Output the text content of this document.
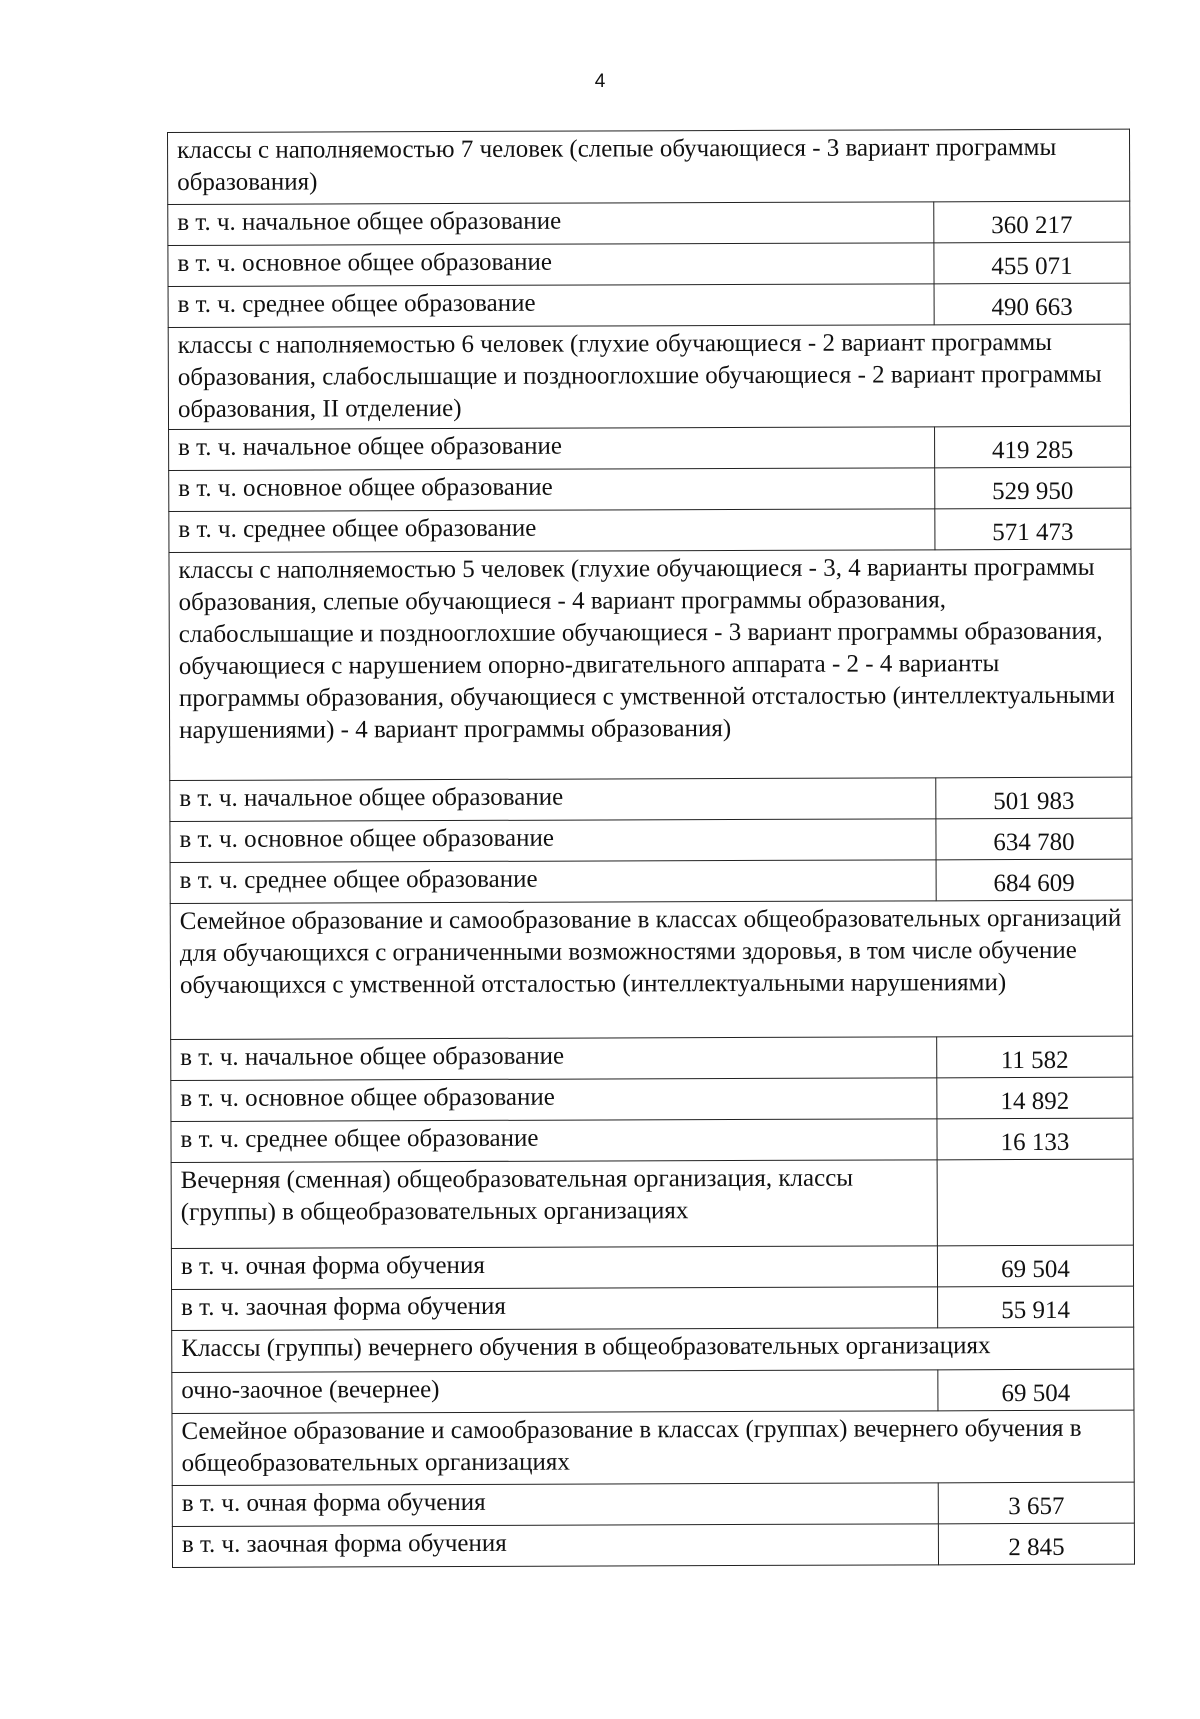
4
классы с наполняемостью 7 человек (слепые обучающиеся - 3 вариант программы образования)	
в т. ч. начальное общее образование	360 217
в т. ч. основное общее образование	455 071
в т. ч. среднее общее образование	490 663
классы с наполняемостью 6 человек (глухие обучающиеся - 2 вариант программы образования, слабослышащие и позднооглохшие обучающиеся - 2 вариант программы образования, II отделение)	
в т. ч. начальное общее образование	419 285
в т. ч. основное общее образование	529 950
в т. ч. среднее общее образование	571 473
классы с наполняемостью 5 человек (глухие обучающиеся - 3, 4 варианты программы образования, слепые обучающиеся - 4 вариант программы образования, слабослышащие и позднооглохшие обучающиеся - 3 вариант программы образования, обучающиеся с нарушением опорно-двигательного аппарата - 2 - 4 варианты программы образования, обучающиеся с умственной отсталостью (интеллектуальными нарушениями) - 4 вариант программы образования)	
в т. ч. начальное общее образование	501 983
в т. ч. основное общее образование	634 780
в т. ч. среднее общее образование	684 609
Семейное образование и самообразование в классах общеобразовательных организаций для обучающихся с ограниченными возможностями здоровья, в том числе обучение обучающихся с умственной отсталостью (интеллектуальными нарушениями)	
в т. ч. начальное общее образование	11 582
в т. ч. основное общее образование	14 892
в т. ч. среднее общее образование	16 133
Вечерняя (сменная) общеобразовательная организация, классы (группы) в общеобразовательных организациях	
в т. ч. очная форма обучения	69 504
в т. ч. заочная форма обучения	55 914
Классы (группы) вечернего обучения в общеобразовательных организациях	
очно-заочное (вечернее)	69 504
Семейное образование и самообразование в классах (группах) вечернего обучения в общеобразовательных организациях	
в т. ч. очная форма обучения	3 657
в т. ч. заочная форма обучения	2 845
